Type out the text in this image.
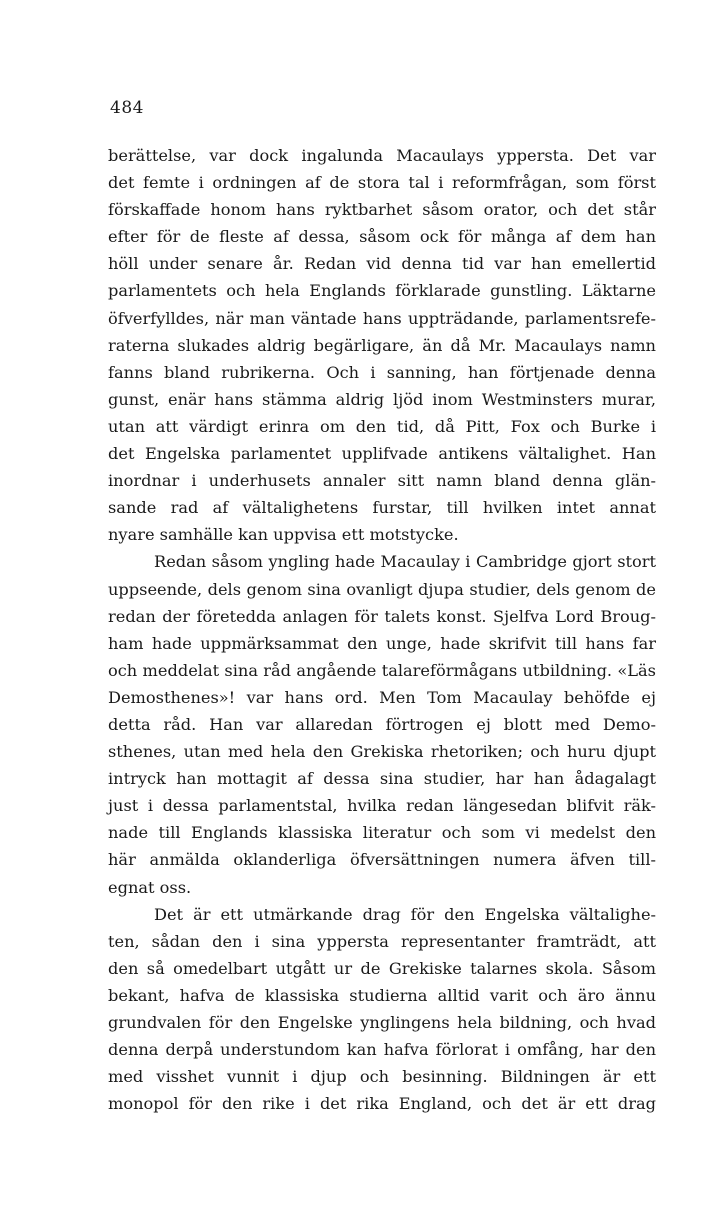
484
berättelse, var dock ingalunda Macaulays yppersta. Det var
det femte i ordningen af de stora tal i reformfrågan, som först
förskaffade honom hans ryktbarhet såsom orator, och det står
efter för de fleste af dessa, såsom ock för många af dem han
höll under senare år. Redan vid denna tid var han emellertid
parlamentets och hela Englands förklarade gunstling. Läktarne
öfverfylldes, när man väntade hans uppträdande, parlamentsrefe-
raterna slukades aldrig begärligare, än då Mr. Macaulays namn
fanns bland rubrikerna. Och i sanning, han förtjenade denna
gunst, enär hans stämma aldrig ljöd inom Westminsters murar,
utan att värdigt erinra om den tid, då Pitt, Fox och Burke i
det Engelska parlamentet upplifvade antikens vältalighet. Han
inordnar i underhusets annaler sitt namn bland denna glän-
sande rad af vältalighetens furstar, till hvilken intet annat
nyare samhälle kan uppvisa ett motstycke.
Redan såsom yngling hade Macaulay i Cambridge gjort stort
uppseende, dels genom sina ovanligt djupa studier, dels genom de
redan der företedda anlagen för talets konst. Sjelfva Lord Broug-
ham hade uppmärksammat den unge, hade skrifvit till hans far
och meddelat sina råd angående talareförmågans utbildning. «Läs
Demosthenes»! var hans ord. Men Tom Macaulay behöfde ej
detta råd. Han var allaredan förtrogen ej blott med Demo-
sthenes, utan med hela den Grekiska rhetoriken; och huru djupt
intryck han mottagit af dessa sina studier, har han ådagalagt
just i dessa parlamentstal, hvilka redan längesedan blifvit räk-
nade till Englands klassiska literatur och som vi medelst den
här anmälda oklanderliga öfversättningen numera äfven till-
egnat oss.
Det är ett utmärkande drag för den Engelska vältalighe-
ten, sådan den i sina yppersta representanter framträdt, att
den så omedelbart utgått ur de Grekiske talarnes skola. Såsom
bekant, hafva de klassiska studierna alltid varit och äro ännu
grundvalen för den Engelske ynglingens hela bildning, och hvad
denna derpå understundom kan hafva förlorat i omfång, har den
med visshet vunnit i djup och besinning. Bildningen är ett
monopol för den rike i det rika England, och det är ett drag
